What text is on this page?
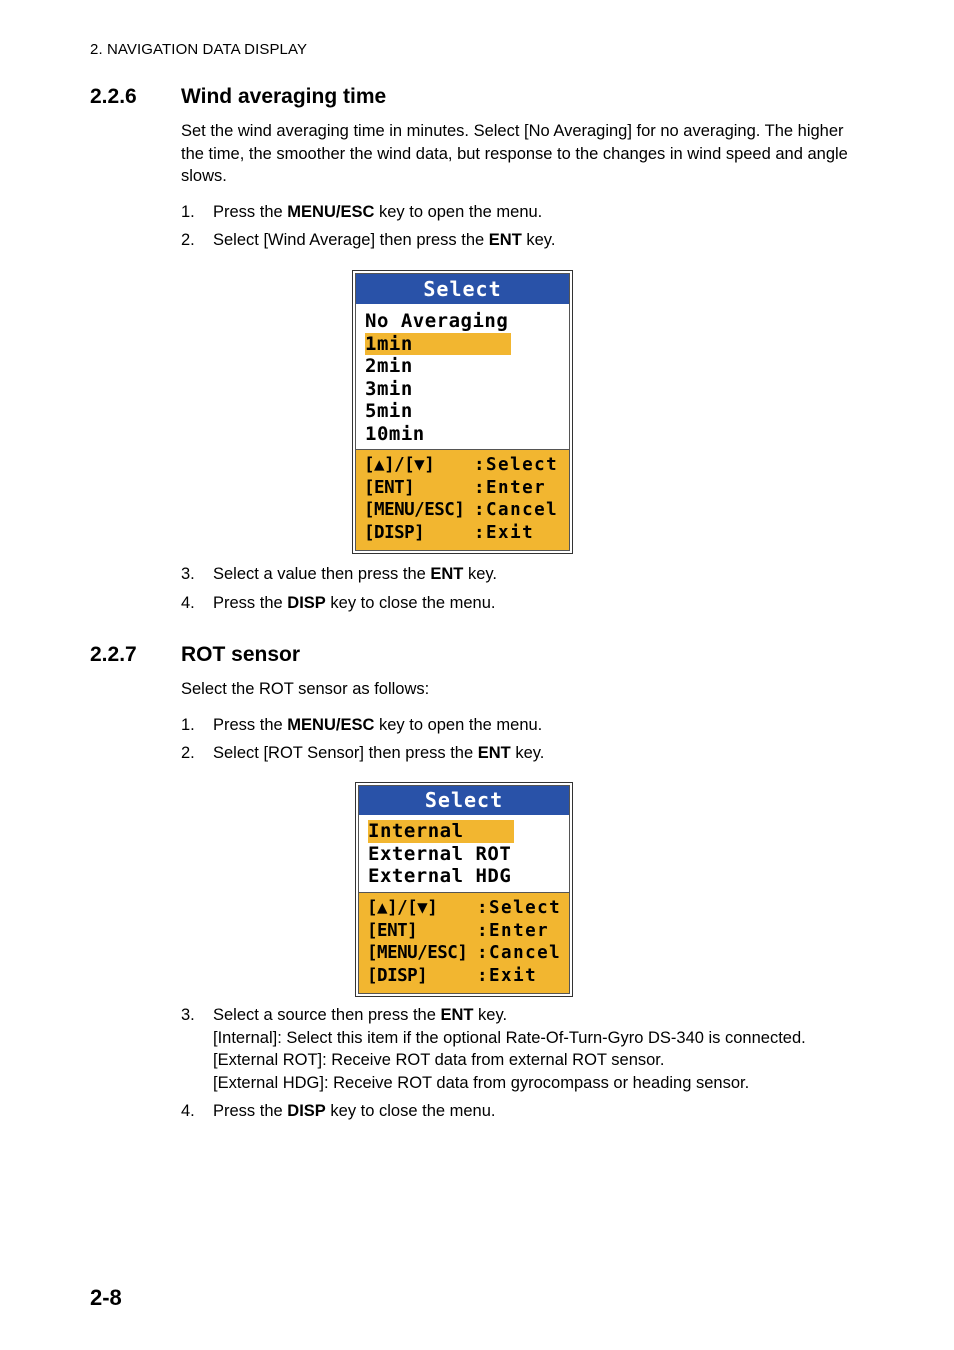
2. NAVIGATION DATA DISPLAY
2.2.6 Wind averaging time
Set the wind averaging time in minutes. Select [No Averaging] for no averaging. The higher the time, the smoother the wind data, but response to the changes in wind speed and angle slows.
1. Press the MENU/ESC key to open the menu.
2. Select [Wind Average] then press the ENT key.
Select
No Averaging
1min
2min
3min
5min
10min
[▲]/[▼] :Select
[ENT]	:Enter
[MENU/ESC] :Cancel
[DISP]	:Exit
3. Select a value then press the ENT key.
4. Press the DISP key to close the menu.
2.2.7 ROT sensor
Select the ROT sensor as follows:
1. Press the MENU/ESC key to open the menu.
2. Select [ROT Sensor] then press the ENT key.
Select
Internal
External ROT
External HDG
[▲]/[▼] :Select
[ENT]	:Enter
[MENU/ESC] :Cancel
[DISP]	:Exit
3. Select a source then press the ENT key.
[Internal]: Select this item if the optional Rate-Of-Turn-Gyro DS-340 is connected.
[External ROT]: Receive ROT data from external ROT sensor.
[External HDG]: Receive ROT data from gyrocompass or heading sensor.
4. Press the DISP key to close the menu.
2-8
